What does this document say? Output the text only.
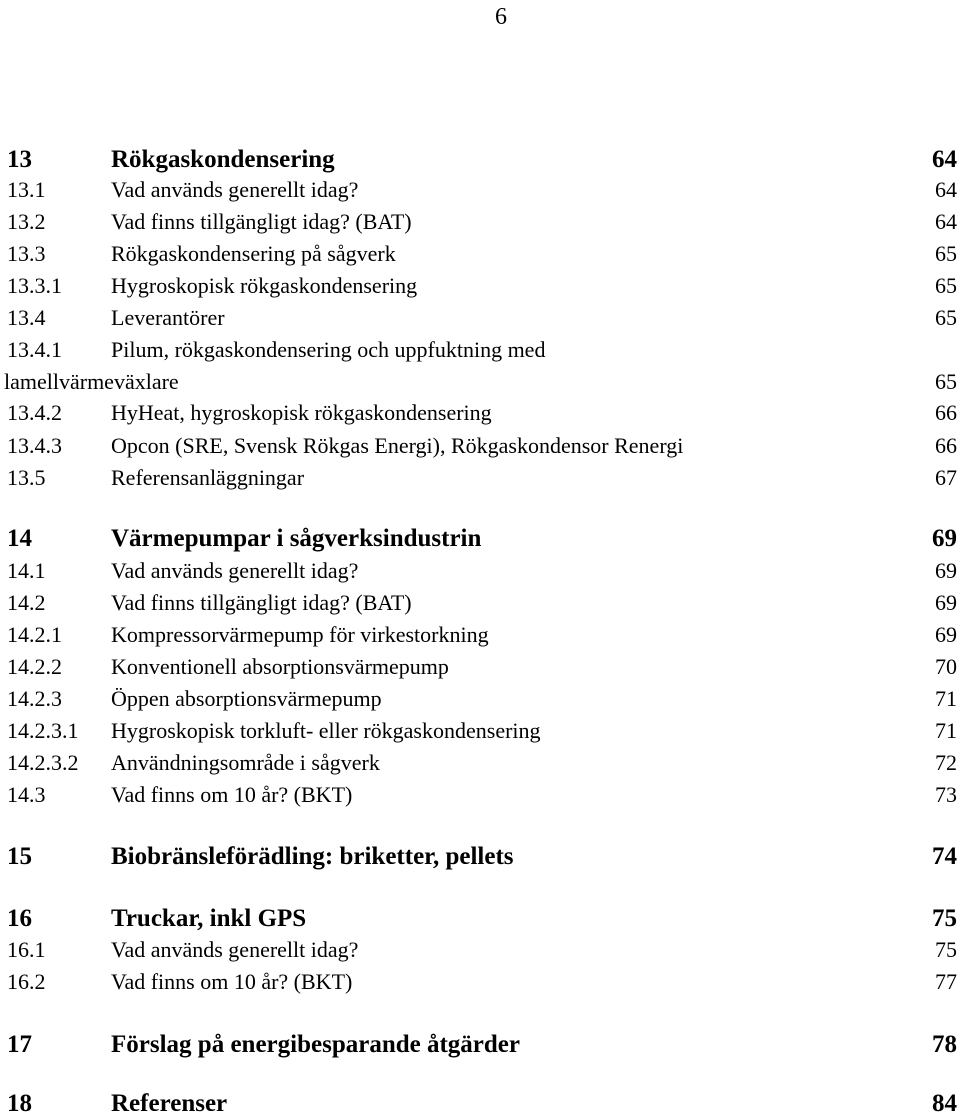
6
13	Rökgaskondensering	64
13.1	Vad används generellt idag?	64
13.2	Vad finns tillgängligt idag? (BAT)	64
13.3	Rökgaskondensering på sågverk	65
13.3.1 Hygroskopisk rökgaskondensering	65
13.4	Leverantörer	65
13.4.1 Pilum, rökgaskondensering och uppfuktning med
lamellvärmeväxlare	65
13.4.2 HyHeat, hygroskopisk rökgaskondensering	66
13.4.3 Opcon (SRE, Svensk Rökgas Energi), Rökgaskondensor Renergi	66
13.5	Referensanläggningar	67
14	Värmepumpar i sågverksindustrin	69
14.1	Vad används generellt idag?	69
14.2	Vad finns tillgängligt idag? (BAT)	69
14.2.1 Kompressorvärmepump för virkestorkning	69
14.2.2 Konventionell absorptionsvärmepump	70
14.2.3 Öppen absorptionsvärmepump	71
14.2.3.1 Hygroskopisk torkluft- eller rökgaskondensering	71
14.2.3.2 Användningsområde i sågverk	72
14.3	Vad finns om 10 år? (BKT)	73
15	Biobränsleförädling: briketter, pellets	74
16	Truckar, inkl GPS	75
16.1	Vad används generellt idag?	75
16.2	Vad finns om 10 år? (BKT)	77
17	Förslag på energibesparande åtgärder	78
18	Referenser	84
